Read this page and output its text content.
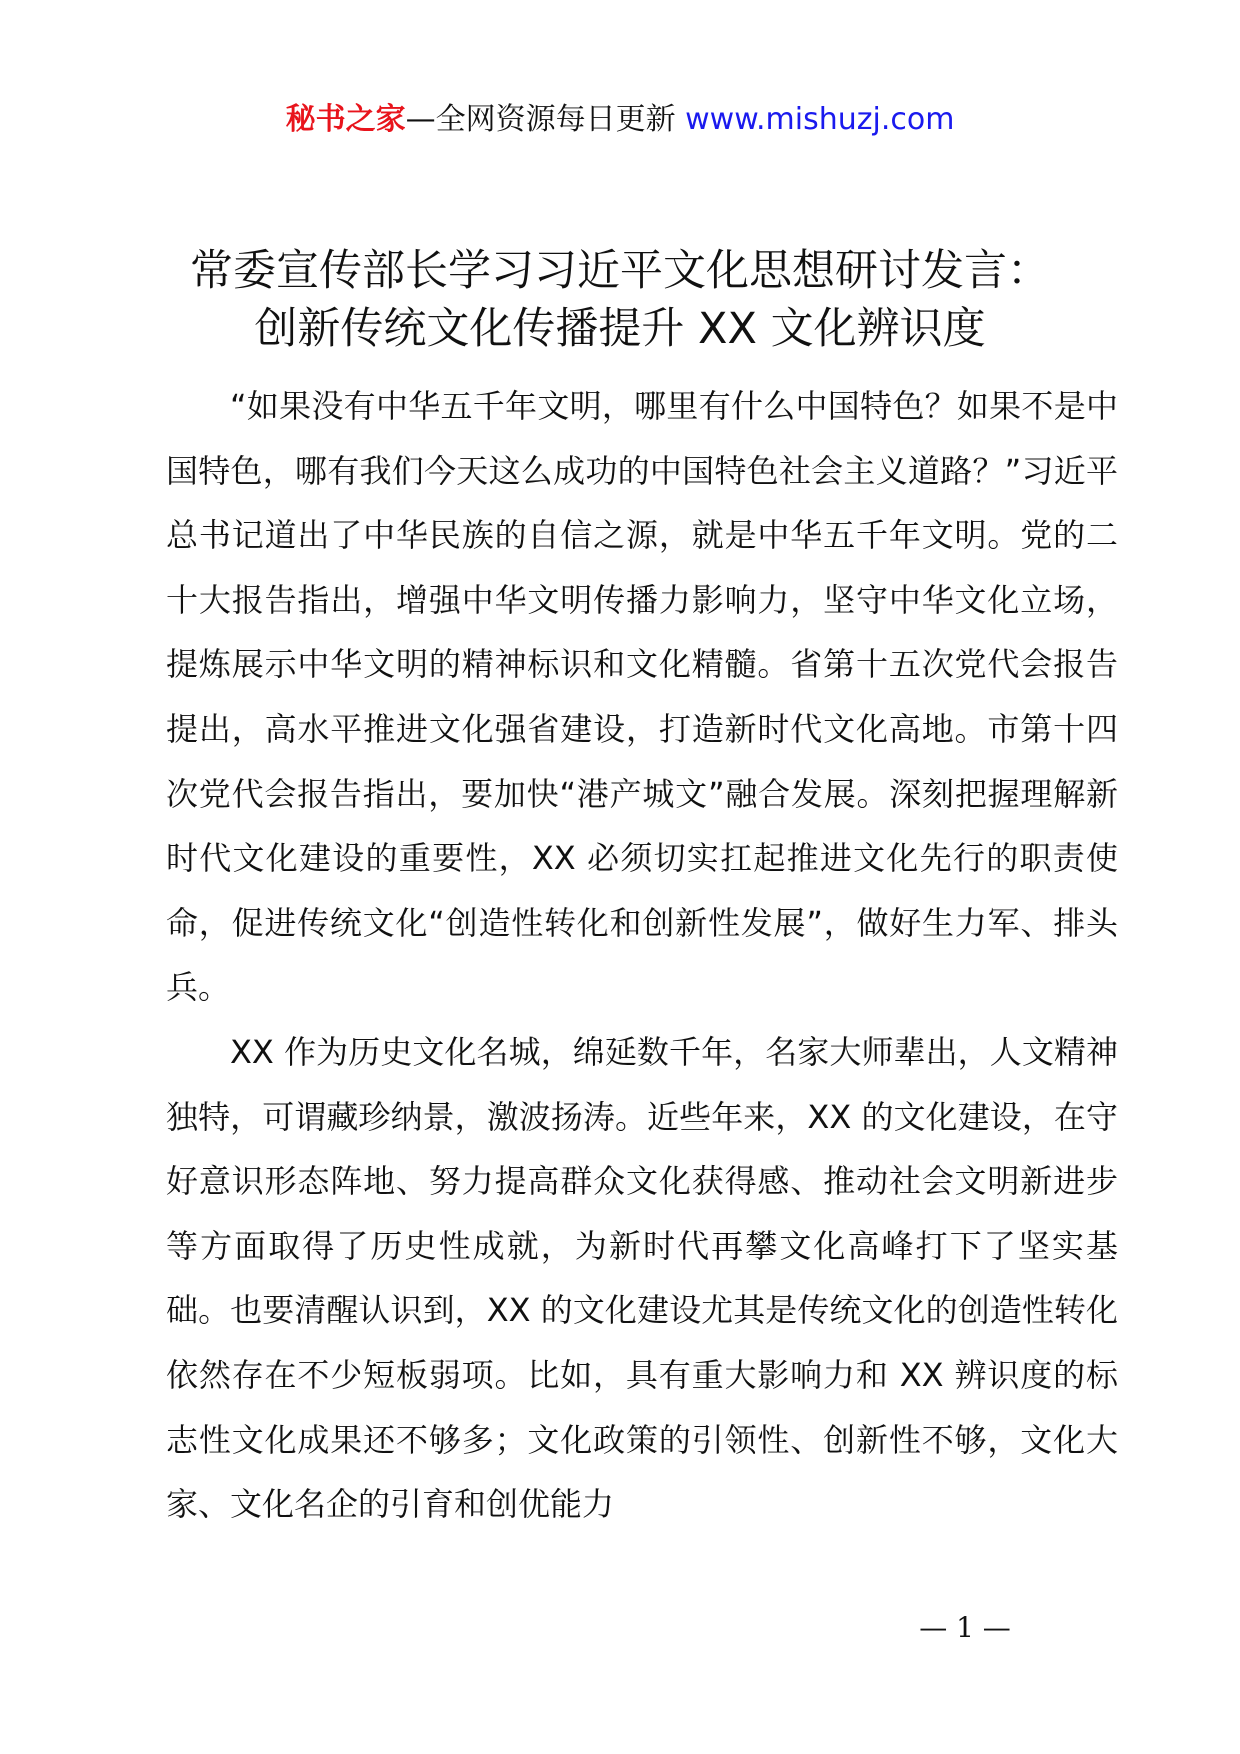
秘书之家—全网资源每日更新 www.mishuzj.com
常委宣传部长学习习近平文化思想研讨发言：
创新传统文化传播提升 XX 文化辨识度

“如果没有中华五千年文明，哪里有什么中国特色？如果不是中国特色，哪有我们今天这么成功的中国特色社会主义道路？”习近平总书记道出了中华民族的自信之源，就是中华五千年文明。党的二十大报告指出，增强中华文明传播力影响力，坚守中华文化立场，提炼展示中华文明的精神标识和文化精髓。省第十五次党代会报告提出，高水平推进文化强省建设，打造新时代文化高地。市第十四次党代会报告指出，要加快“港产城文”融合发展。深刻把握理解新时代文化建设的重要性，XX 必须切实扛起推进文化先行的职责使命，促进传统文化“创造性转化和创新性发展”，做好生力军、排头兵。

XX 作为历史文化名城，绵延数千年，名家大师辈出，人文精神独特，可谓藏珍纳景，激波扬涛。近些年来，XX 的文化建设，在守好意识形态阵地、努力提高群众文化获得感、推动社会文明新进步等方面取得了历史性成就，为新时代再攀文化高峰打下了坚实基础。也要清醒认识到，XX 的文化建设尤其是传统文化的创造性转化依然存在不少短板弱项。比如，具有重大影响力和 XX 辨识度的标志性文化成果还不够多；文化政策的引领性、创新性不够，文化大家、文化名企的引育和创优能力

— 1 —
